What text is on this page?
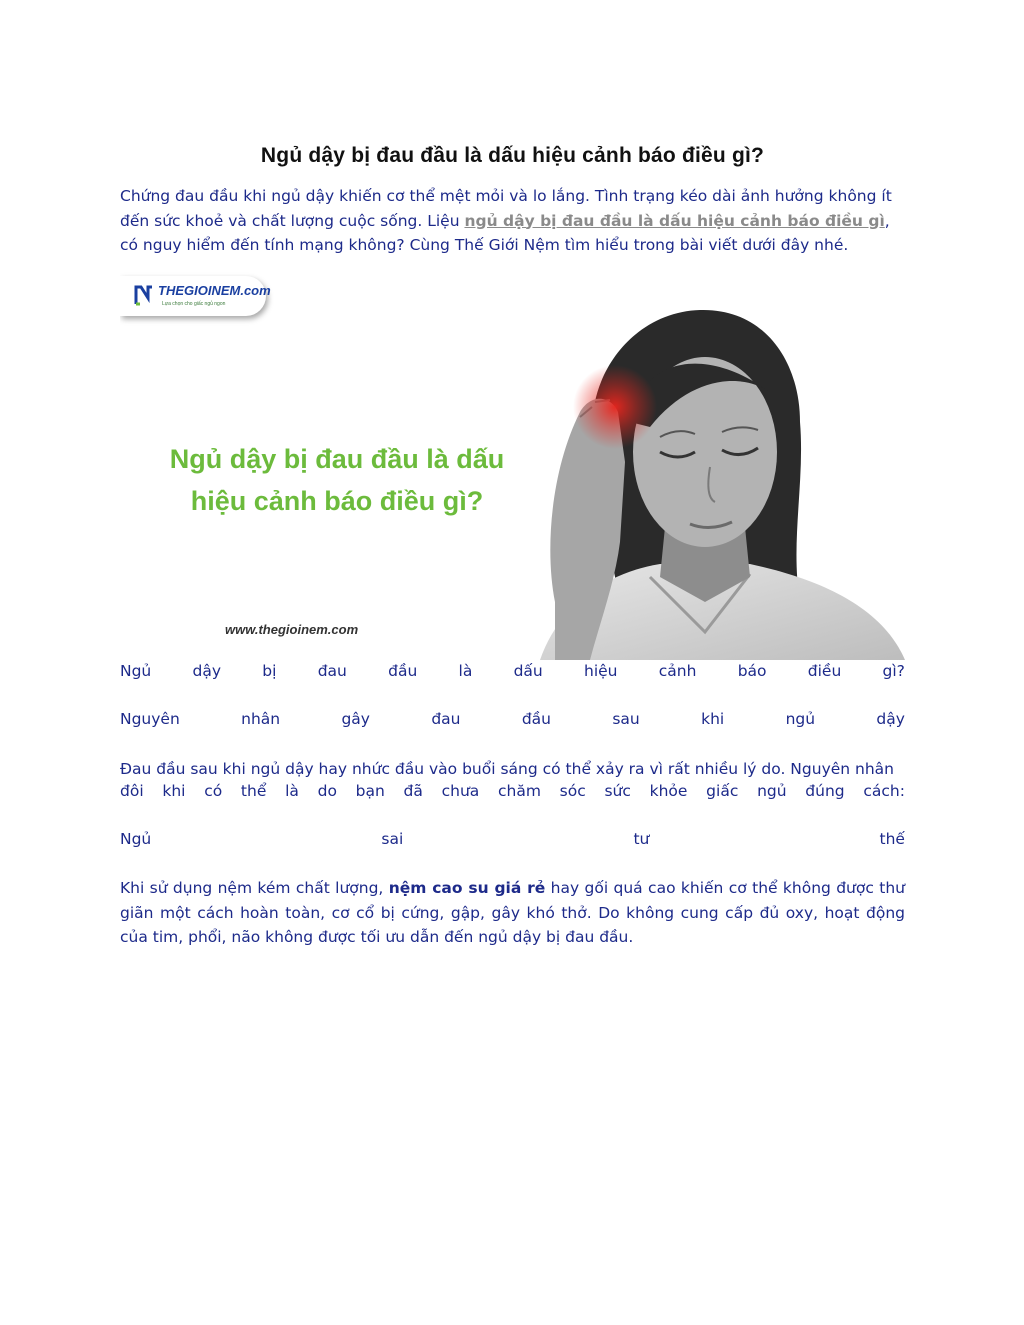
Ngủ dậy bị đau đầu là dấu hiệu cảnh báo điều gì?
Chứng đau đầu khi ngủ dậy khiến cơ thể mệt mỏi và lo lắng. Tình trạng kéo dài ảnh hưởng không ít đến sức khoẻ và chất lượng cuộc sống. Liệu ngủ dậy bị đau đầu là dấu hiệu cảnh báo điều gì, có nguy hiểm đến tính mạng không? Cùng Thế Giới Nệm tìm hiểu trong bài viết dưới đây nhé.
THEGIOINEM.com
Lựa chọn cho giấc ngủ ngon
Ngủ dậy bị đau đầu là dấu
hiệu cảnh báo điều gì?
www.thegioinem.com
Ngủ	dậy	bị	đau	đầu	là	dấu	hiệu	cảnh	báo	điều	gì?
Nguyên	nhân	gây	đau	đầu	sau	khi	ngủ	dậy
Đau đầu sau khi ngủ dậy hay nhức đầu vào buổi sáng có thể xảy ra vì rất nhiều lý do. Nguyên nhân
đôi khi có thể là do bạn đã chưa chăm sóc sức khỏe giấc ngủ đúng cách:
Ngủ	sai	tư	thế
Khi sử dụng nệm kém chất lượng, nệm cao su giá rẻ hay gối quá cao khiến cơ thể không được thư giãn một cách hoàn toàn, cơ cổ bị cứng, gập, gây khó thở. Do không cung cấp đủ oxy, hoạt động của tim, phổi, não không được tối ưu dẫn đến ngủ dậy bị đau đầu.
